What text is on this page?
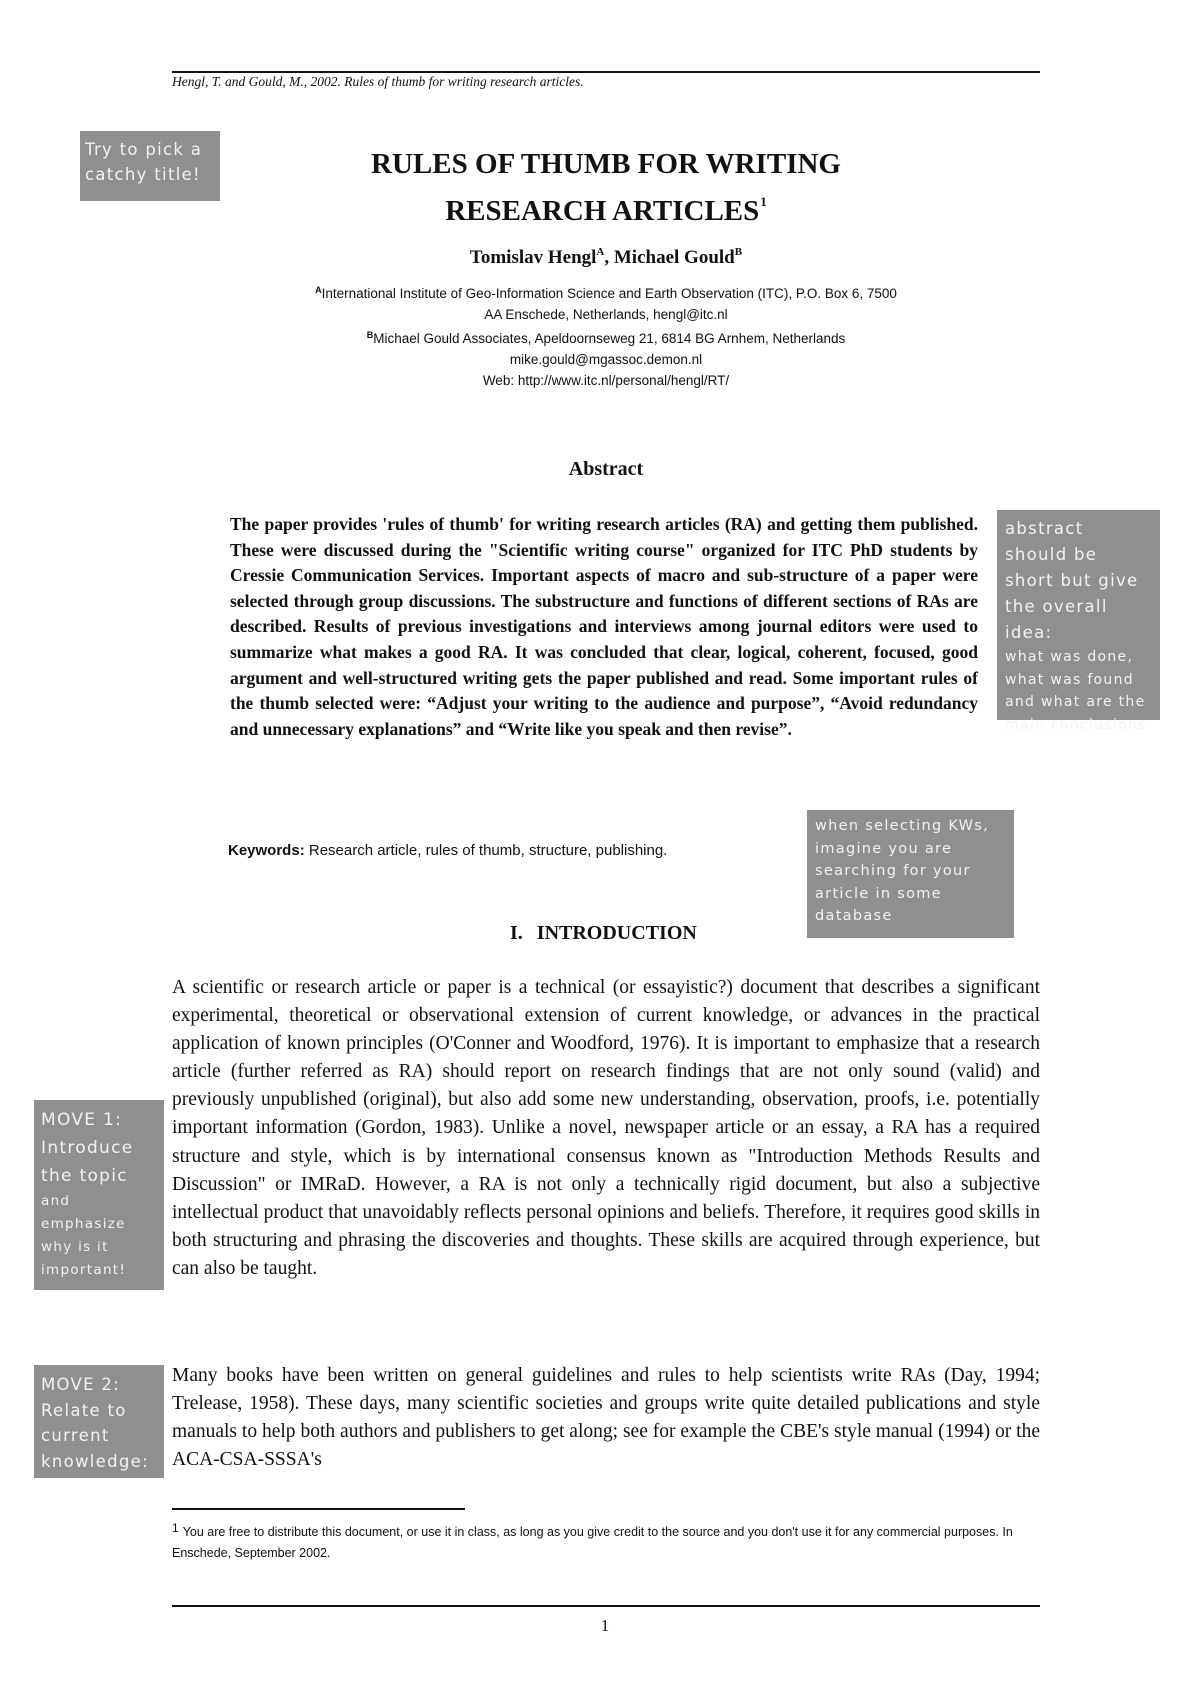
Hengl, T. and Gould, M., 2002. Rules of thumb for writing research articles.
Try to pick a catchy title!	RULES OF THUMB FOR WRITING
RESEARCH ARTICLES$^1$
Tomislav Hengl$^A$, Michael Gould$^B$
$^A$International Institute of Geo-Information Science and Earth Observation (ITC), P.O. Box 6, 7500
AA Enschede, Netherlands, hengl@itc.nl
$^B$Michael Gould Associates, Apeldoornseweg 21, 6814 BG Arnhem, Netherlands
mike.gould@mgassoc.demon.nl
Web: http://www.itc.nl/personal/hengl/RT/
Abstract
The paper provides 'rules of thumb' for writing research articles (RA) and getting them published. These were discussed during the "Scientific writing course" organized for ITC PhD students by Cressie Communication Services. Important aspects of macro and sub-structure of a paper were selected through group discussions. The substructure and functions of different sections of RAs are described. Results of previous investigations and interviews among journal editors were used to summarize what makes a good RA. It was concluded that clear, logical, coherent, focused, good argument and well-structured writing gets the paper published and read. Some important rules of the thumb selected were: “Adjust your writing to the audience and purpose”, “Avoid redundancy and unnecessary explanations” and “Write like you speak and then revise”.
abstract should be short but give the overall idea:
what was done, what was found and what are the main conclusions
Keywords: Research article, rules of thumb, structure, publishing.
when selecting KWs, imagine you are searching for your article in some database
I. INTRODUCTION
A scientific or research article or paper is a technical (or essayistic?) document that describes a significant experimental, theoretical or observational extension of current knowledge, or advances in the practical application of known principles (O'Conner and Woodford, 1976). It is important to emphasize that a research article (further referred as RA) should report on research findings that are not only sound (valid) and previously unpublished (original), but also add some new understanding, observation, proofs, i.e. potentially important information (Gordon, 1983). Unlike a novel, newspaper article or an essay, a RA has a required structure and style, which is by international consensus known as "Introduction Methods Results and Discussion" or IMRaD. However, a RA is not only a technically rigid document, but also a subjective intellectual product that unavoidably reflects personal opinions and beliefs. Therefore, it requires good skills in both structuring and phrasing the discoveries and thoughts. These skills are acquired through experience, but can also be taught.
Many books have been written on general guidelines and rules to help scientists write RAs (Day, 1994; Trelease, 1958). These days, many scientific societies and groups write quite detailed publications and style manuals to help both authors and publishers to get along; see for example the CBE's style manual (1994) or the ACA-CSA-SSSA's
MOVE 1: Introduce the topic
and emphasize why is it important!
MOVE 2: Relate to current knowledge:
$^1$ You are free to distribute this document, or use it in class, as long as you give credit to the source and you don't use it for any commercial purposes. In Enschede, September 2002.
1
